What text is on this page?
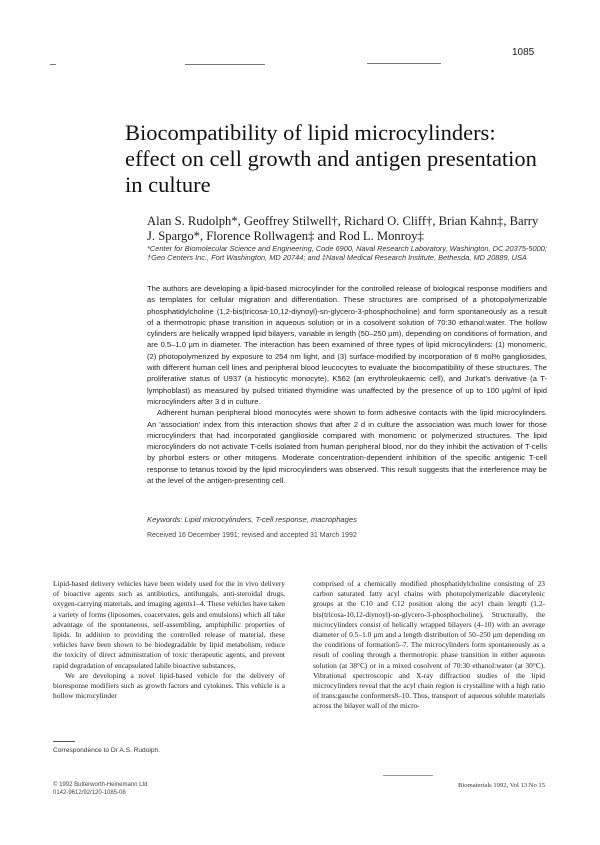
1085
Biocompatibility of lipid microcylinders: effect on cell growth and antigen presentation in culture
Alan S. Rudolph*, Geoffrey Stilwell†, Richard O. Cliff†, Brian Kahn‡, Barry J. Spargo*, Florence Rollwagen‡ and Rod L. Monroy‡
*Center for Biomolecular Science and Engineering, Code 6900, Naval Research Laboratory, Washington, DC 20375-5000; †Geo Centers Inc., Fort Washington, MD 20744; and ‡Naval Medical Research Institute, Bethesda, MD 20889, USA

The authors are developing a lipid-based microcylinder for the controlled release of biological response modifiers and as templates for cellular migration and differentiation. These structures are comprised of a photopolymerizable phosphatidylcholine (1,2-bis(tricosa-10,12-diynoyl)-sn-glycero-3-phosphocholine) and form spontaneously as a result of a thermotropic phase transition in aqueous solution or in a cosolvent solution of 70:30 ethanol:water. The hollow cylinders are helically wrapped lipid bilayers, variable in length (50–250 µm), depending on conditions of formation, and are 0.5–1.0 µm in diameter. The interaction has been examined of three types of lipid microcylinders: (1) monomeric, (2) photopolymerized by exposure to 254 nm light, and (3) surface-modified by incorporation of 6 mol% gangliosides, with different human cell lines and peripheral blood leucocytes to evaluate the biocompatibility of these structures. The proliferative status of U937 (a histiocytic monocyte), K562 (an erythroleukaemic cell), and Jurkat's derivative (a T-lymphoblast) as measured by pulsed tritiated thymidine was unaffected by the presence of up to 100 µg/ml of lipid microcylinders after 3 d in culture.

Adherent human peripheral blood monocytes were shown to form adhesive contacts with the lipid microcylinders. An 'association' index from this interaction shows that after 2 d in culture the association was much lower for those microcylinders that had incorporated ganglioside compared with monomeric or polymerized structures. The lipid microcylinders do not activate T-cells isolated from human peripheral blood, nor do they inhibit the activation of T-cells by phorbol esters or other mitogens. Moderate concentration-dependent inhibition of the specific antigenic T-cell response to tetanus toxoid by the lipid microcylinders was observed. This result suggests that the interference may be at the level of the antigen-presenting cell.

Keywords: Lipid microcylinders, T-cell response, macrophages
Received 16 December 1991; revised and accepted 31 March 1992

Lipid-based delivery vehicles have been widely used for the in vivo delivery of bioactive agents such as antibiotics, antifungals, anti-steroidal drugs, oxygen-carrying materials, and imaging agents1–4. These vehicles have taken a variety of forms (liposomes, coacervates, gels and emulsions) which all take advantage of the spontaneous, self-assembling, amphiphilic properties of lipids. In addition to providing the controlled release of material, these vehicles have been shown to be biodegradable by lipid metabolism, reduce the toxicity of direct administration of toxic therapeutic agents, and prevent rapid degradation of encapsulated labile bioactive substances.

We are developing a novel lipid-based vehicle for the delivery of bioresponse modifiers such as growth factors and cytokines. This vehicle is a hollow microcylinder

comprised of a chemically modified phosphatidylcholine consisting of 23 carbon saturated fatty acyl chains with photopolymerizable diacetylenic groups at the C10 and C12 position along the acyl chain length (1,2-bis(tricosa-10,12-diynoyl)-sn-glycero-3-phosphocholine). Structurally, the microcylinders consist of helically wrapped bilayers (4–10) with an average diameter of 0.5–1.0 µm and a length distribution of 50–250 µm depending on the conditions of formation5–7. The microcylinders form spontaneously as a result of cooling through a thermotropic phase transition in either aqueous solution (at 38°C) or in a mixed cosolvent of 70:30 ethanol:water (at 30°C). Vibrational spectroscopic and X-ray diffraction studies of the lipid microcylinders reveal that the acyl chain region is crystalline with a high ratio of trans:gauche conformers8–10. Thus, transport of aqueous soluble materials across the bilayer wall of the micro-

Correspondence to Dr A.S. Rudolph.
© 1992 Butterworth-Heinemann Ltd
0142-9612/92/120-1085-08
Biomaterials 1992, Vol 13 No 15
